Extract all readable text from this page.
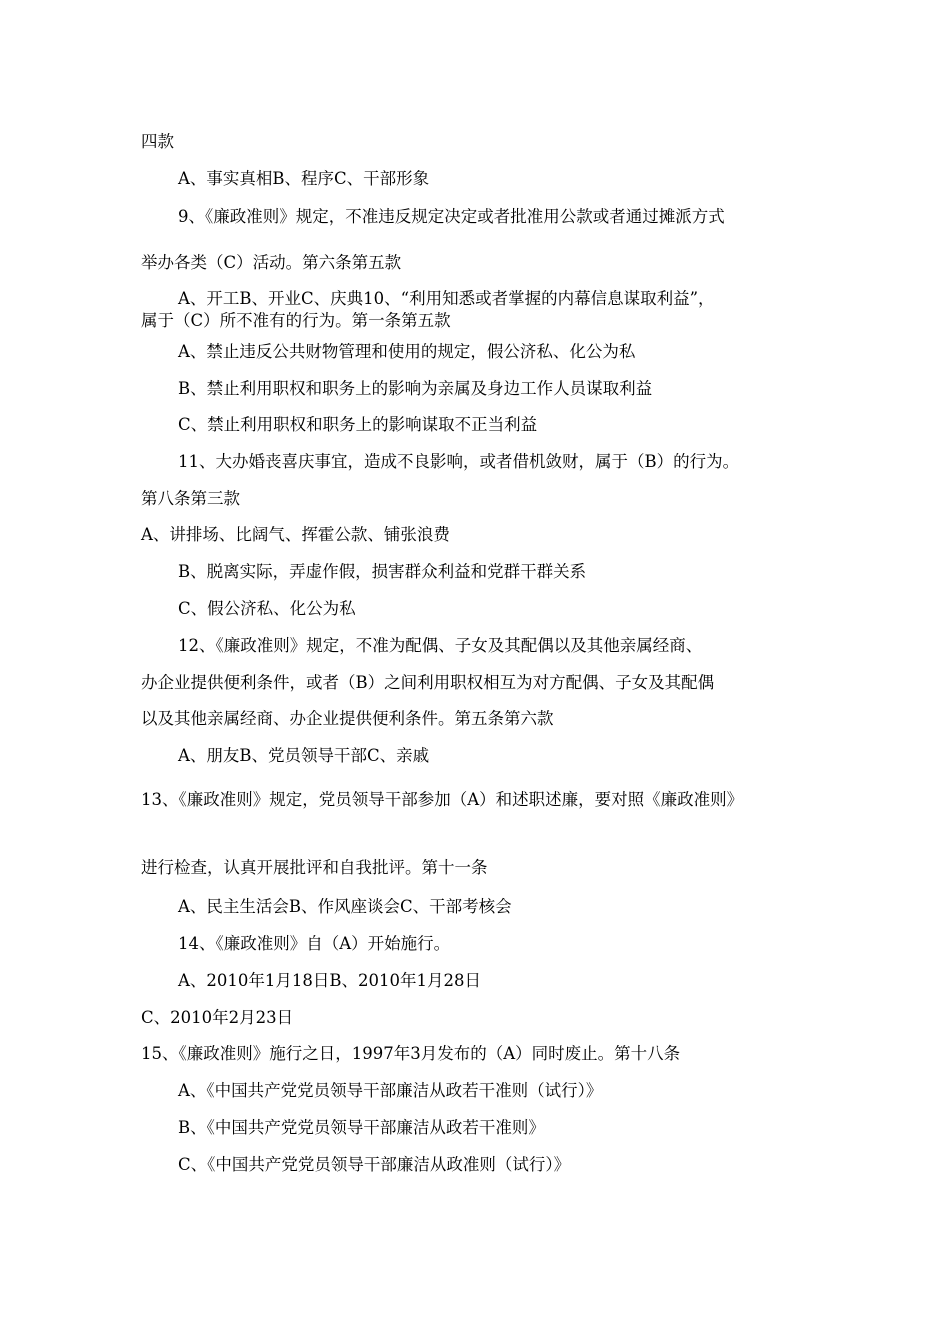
四款
A、事实真相B、程序C、干部形象
9、《廉政准则》规定，不准违反规定决定或者批准用公款或者通过摊派方式
举办各类（C）活动。第六条第五款
A、开工B、开业C、庆典10、“利用知悉或者掌握的内幕信息谋取利益”，
属于（C）所不准有的行为。第一条第五款
A、禁止违反公共财物管理和使用的规定，假公济私、化公为私
B、禁止利用职权和职务上的影响为亲属及身边工作人员谋取利益
C、禁止利用职权和职务上的影响谋取不正当利益
11、大办婚丧喜庆事宜，造成不良影响，或者借机敛财，属于（B）的行为。
第八条第三款
A、讲排场、比阔气、挥霍公款、铺张浪费
B、脱离实际，弄虚作假，损害群众利益和党群干群关系
C、假公济私、化公为私
12、《廉政准则》规定，不准为配偶、子女及其配偶以及其他亲属经商、
办企业提供便利条件，或者（B）之间利用职权相互为对方配偶、子女及其配偶
以及其他亲属经商、办企业提供便利条件。第五条第六款
A、朋友B、党员领导干部C、亲戚
13、《廉政准则》规定，党员领导干部参加（A）和述职述廉，要对照《廉政准则》
进行检查，认真开展批评和自我批评。第十一条
A、民主生活会B、作风座谈会C、干部考核会
14、《廉政准则》自（A）开始施行。
A、2010年1月18日B、2010年1月28日
C、2010年2月23日
15、《廉政准则》施行之日，1997年3月发布的（A）同时废止。第十八条
A、《中国共产党党员领导干部廉洁从政若干准则（试行）》
B、《中国共产党党员领导干部廉洁从政若干准则》
C、《中国共产党党员领导干部廉洁从政准则（试行）》
